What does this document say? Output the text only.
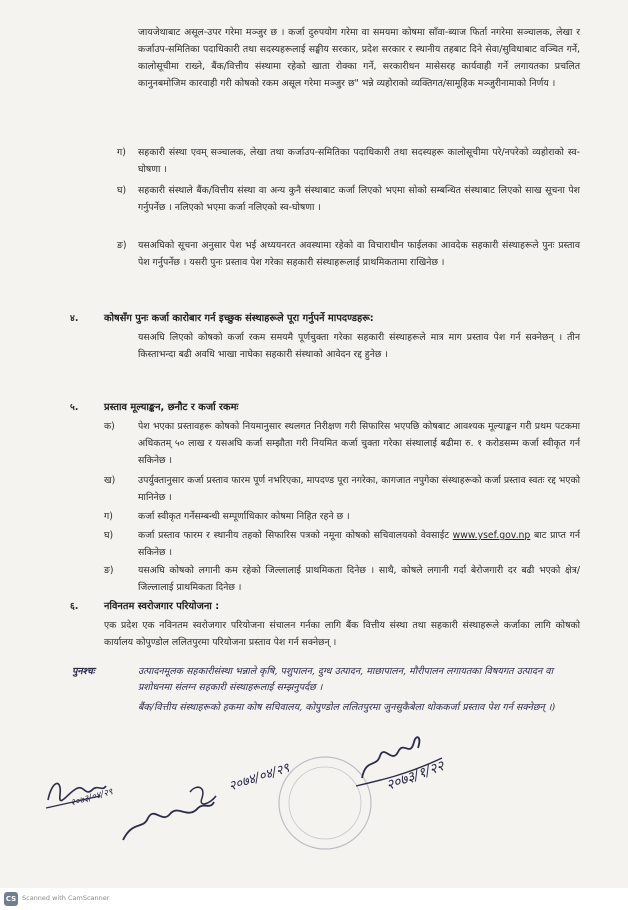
जायजेथाबाट असूल-उपर गरेमा मञ्जुर छ । कर्जा दुरुपयोग गरेमा वा समयमा कोषमा साँवा-ब्याज फिर्ता नगरेमा सञ्चालक, लेखा र कर्जाउप-समितिका पदाधिकारी तथा सदस्यहरूलाई सङ्घीय सरकार, प्रदेश सरकार र स्थानीय तहबाट दिने सेवा/सुविधाबाट वञ्चित गर्ने, कालोसूचीमा राख्ने, बैंक/वित्तीय संस्थामा रहेको खाता रोक्का गर्ने, सरकारीधन मासेसरह कार्यवाही गर्ने लगायतका प्रचलित कानुनबमोजिम कारवाही गरी कोषको रकम असूल गरेमा मञ्जुर छ" भन्ने व्यहोराको व्यक्तिगत/सामूहिक मञ्जुरीनामाको निर्णय ।
ग) सहकारी संस्था एवम् सञ्चालक, लेखा तथा कर्जाउप-समितिका पदाधिकारी तथा सदस्यहरू कालोसूचीमा परे/नपरेको व्यहोराको स्व-घोषणा ।
घ) सहकारी संस्थाले बैंक/वित्तीय संस्था वा अन्य कुनै संस्थाबाट कर्जा लिएको भएमा सोको सम्बन्धित संस्थाबाट लिएको साख सूचना पेश गर्नुपर्नेछ । नलिएको भएमा कर्जा नलिएको स्व-घोषणा ।
ङ) यसअघिको सूचना अनुसार पेश भई अध्ययनरत अवस्थामा रहेको वा विचाराधीन फाईलका आवदेक सहकारी संस्थाहरूले पुनः प्रस्ताव पेश गर्नुपर्नेछ । यसरी पुनः प्रस्ताव पेश गरेका सहकारी संस्थाहरूलाई प्राथमिकतामा राखिनेछ ।
४.	कोषसँग पुनः कर्जा कारोबार गर्न इच्छुक संस्थाहरूले पूरा गर्नुपर्ने मापदण्डहरू:
यसअघि लिएको कोषको कर्जा रकम समयमै पूर्णचुक्ता गरेका सहकारी संस्थाहरूले मात्र माग प्रस्ताव पेश गर्न सक्नेछन् । तीन किस्ताभन्दा बढी अवधि भाखा नाघेका सहकारी संस्थाको आवेदन रद्द हुनेछ ।
५.	प्रस्ताव मूल्याङ्कन, छनौट र कर्जा रकमः
क) पेश भएका प्रस्तावहरू कोषको नियमानुसार स्थलगत निरीक्षण गरी सिफारिस भएपछि कोषबाट आवश्यक मूल्याङ्कन गरी प्रथम पटकमा अधिकतम् ५० लाख र यसअघि कर्जा सम्झौता गरी नियमित कर्जा चुक्ता गरेका संस्थालाई बढीमा रु. १ करोडसम्म कर्जा स्वीकृत गर्न सकिनेछ ।
ख) उपर्युक्तानुसार कर्जा प्रस्ताव फारम पूर्ण नभरिएका, मापदण्ड पूरा नगरेका, कागजात नपुगेका संस्थाहरूको कर्जा प्रस्ताव स्वतः रद्द भएको मानिनेछ ।
ग)	कर्जा स्वीकृत गर्नेसम्बन्धी सम्पूर्णाधिकार कोषमा निहित रहने छ ।
घ)	कर्जा प्रस्ताव फारम र स्थानीय तहको सिफारिस पत्रको नमूना कोषको सचिवालयको वेवसाईट www.ysef.gov.np बाट प्राप्त गर्न सकिनेछ ।
ङ)	यसअघि कोषको लगानी कम रहेको जिल्लालाई प्राथमिकता दिनेछ । साथै, कोषले लगानी गर्दा बेरोजगारी दर बढी भएको क्षेत्र/जिल्लालाई प्राथमिकता दिनेछ ।
६.	नविनतम स्वरोजगार परियोजना :
एक प्रदेश एक नविनतम स्वरोजगार परियोजना संचालन गर्नका लागि बैंक वित्तीय संस्था तथा सहकारी संस्थाहरूले कर्जाका लागि कोषको कार्यालय कोपुण्डोल ललितपुरमा परियोजना प्रस्ताव पेश गर्न सक्नेछन् ।
पुनश्चः	उत्पादनमूलक सहकारीसंस्था भन्नाले कृषि, पशुपालन, दुग्ध उत्पादन, माछापालन, मौरीपालन लगायतका विषयगत उत्पादन वा प्रशोधनमा संलग्न सहकारी संस्थाहरूलाई सम्झनुपर्दछ ।
बैंक/वित्तीय संस्थाहरूको हकमा कोष सचिवालय, कोपुण्डोल ललितपुरमा जुनसुकैबेला थोककर्जा प्रस्ताव पेश गर्न सक्नेछन् ।)
२०७३/०४/२९
२०७४/०४/२९	२०७३/१/२२
CS Scanned with CamScanner
